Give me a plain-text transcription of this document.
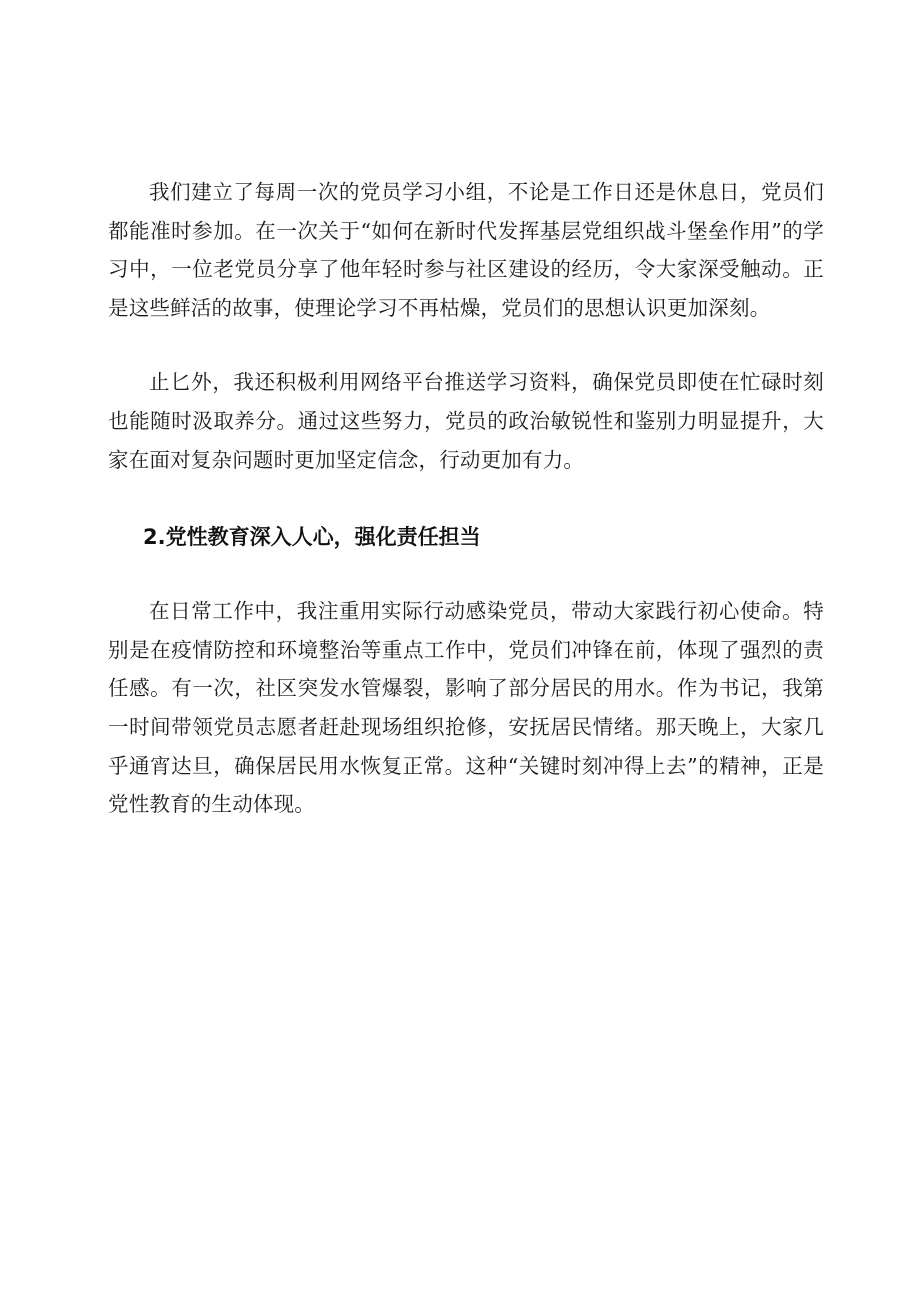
我们建立了每周一次的党员学习小组，不论是工作日还是休息日，党员们都能准时参加。在一次关于“如何在新时代发挥基层党组织战斗堡垒作用”的学习中，一位老党员分享了他年轻时参与社区建设的经历，令大家深受触动。正是这些鲜活的故事，使理论学习不再枯燥，党员们的思想认识更加深刻。

止匕外，我还积极利用网络平台推送学习资料，确保党员即使在忙碌时刻也能随时汲取养分。通过这些努力，党员的政治敏锐性和鉴别力明显提升，大家在面对复杂问题时更加坚定信念，行动更加有力。

2.党性教育深入人心，强化责任担当

在日常工作中，我注重用实际行动感染党员，带动大家践行初心使命。特别是在疫情防控和环境整治等重点工作中，党员们冲锋在前，体现了强烈的责任感。有一次，社区突发水管爆裂，影响了部分居民的用水。作为书记，我第一时间带领党员志愿者赶赴现场组织抢修，安抚居民情绪。那天晚上，大家几乎通宵达旦，确保居民用水恢复正常。这种“关键时刻冲得上去”的精神，正是党性教育的生动体现。
